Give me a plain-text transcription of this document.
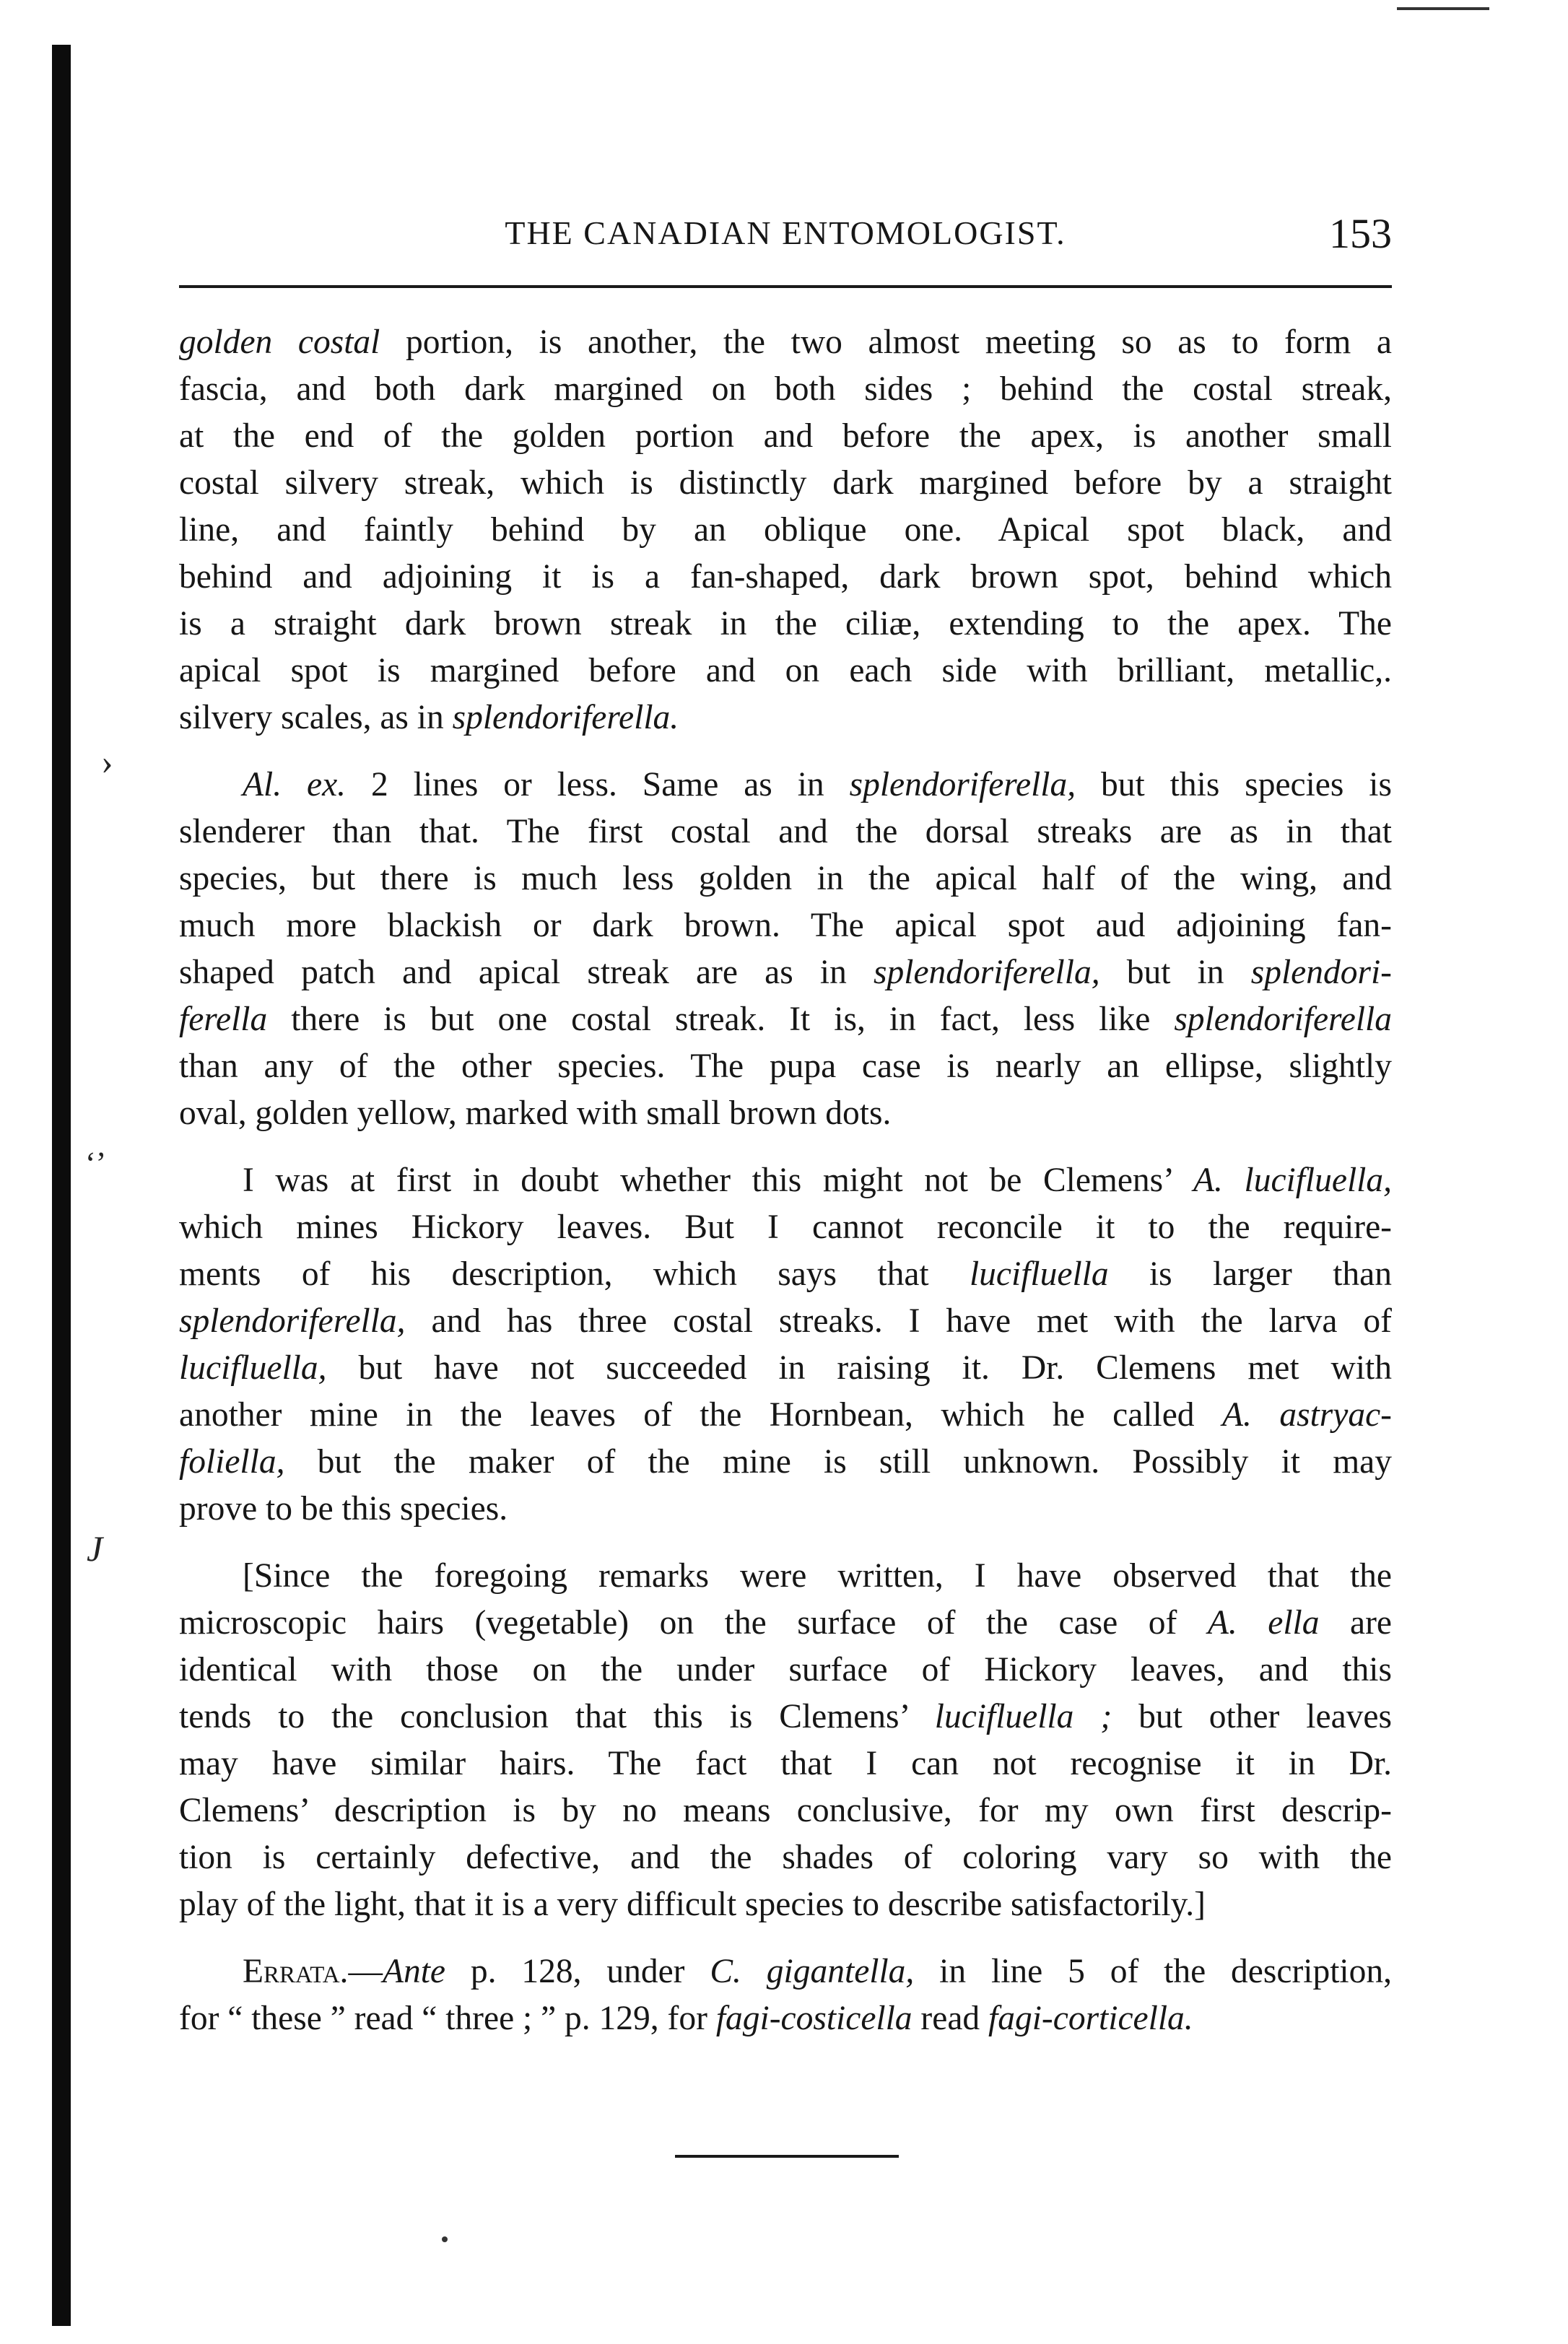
›
‘ʼ
J
THE CANADIAN ENTOMOLOGIST.	153
golden costal portion, is another, the two almost meeting so as to form a
fascia, and both dark margined on both sides ; behind the costal streak,
at the end of the golden portion and before the apex, is another small
costal silvery streak, which is distinctly dark margined before by a straight
line, and faintly behind by an oblique one. Apical spot black, and
behind and adjoining it is a fan-shaped, dark brown spot, behind which
is a straight dark brown streak in the ciliæ, extending to the apex. The
apical spot is margined before and on each side with brilliant, metallic,.
silvery scales, as in splendoriferella.
Al. ex. 2 lines or less. Same as in splendoriferella, but this species is
slenderer than that. The first costal and the dorsal streaks are as in that
species, but there is much less golden in the apical half of the wing, and
much more blackish or dark brown. The apical spot aud adjoining fan-
shaped patch and apical streak are as in splendoriferella, but in splendori-
ferella there is but one costal streak. It is, in fact, less like splendoriferella
than any of the other species. The pupa case is nearly an ellipse, slightly
oval, golden yellow, marked with small brown dots.
I was at first in doubt whether this might not be Clemens’ A. lucifluella,
which mines Hickory leaves. But I cannot reconcile it to the require-
ments of his description, which says that lucifluella is larger than
splendoriferella, and has three costal streaks. I have met with the larva of
lucifluella, but have not succeeded in raising it. Dr. Clemens met with
another mine in the leaves of the Hornbean, which he called A. astryac-
foliella, but the maker of the mine is still unknown. Possibly it may
prove to be this species.
[Since the foregoing remarks were written, I have observed that the
microscopic hairs (vegetable) on the surface of the case of A. ella are
identical with those on the under surface of Hickory leaves, and this
tends to the conclusion that this is Clemens’ lucifluella ; but other leaves
may have similar hairs. The fact that I can not recognise it in Dr.
Clemens’ description is by no means conclusive, for my own first descrip-
tion is certainly defective, and the shades of coloring vary so with the
play of the light, that it is a very difficult species to describe satisfactorily.]
Errata.—Ante p. 128, under C. gigantella, in line 5 of the description,
for “ these ” read “ three ; ” p. 129, for fagi-costicella read fagi-corticella.
